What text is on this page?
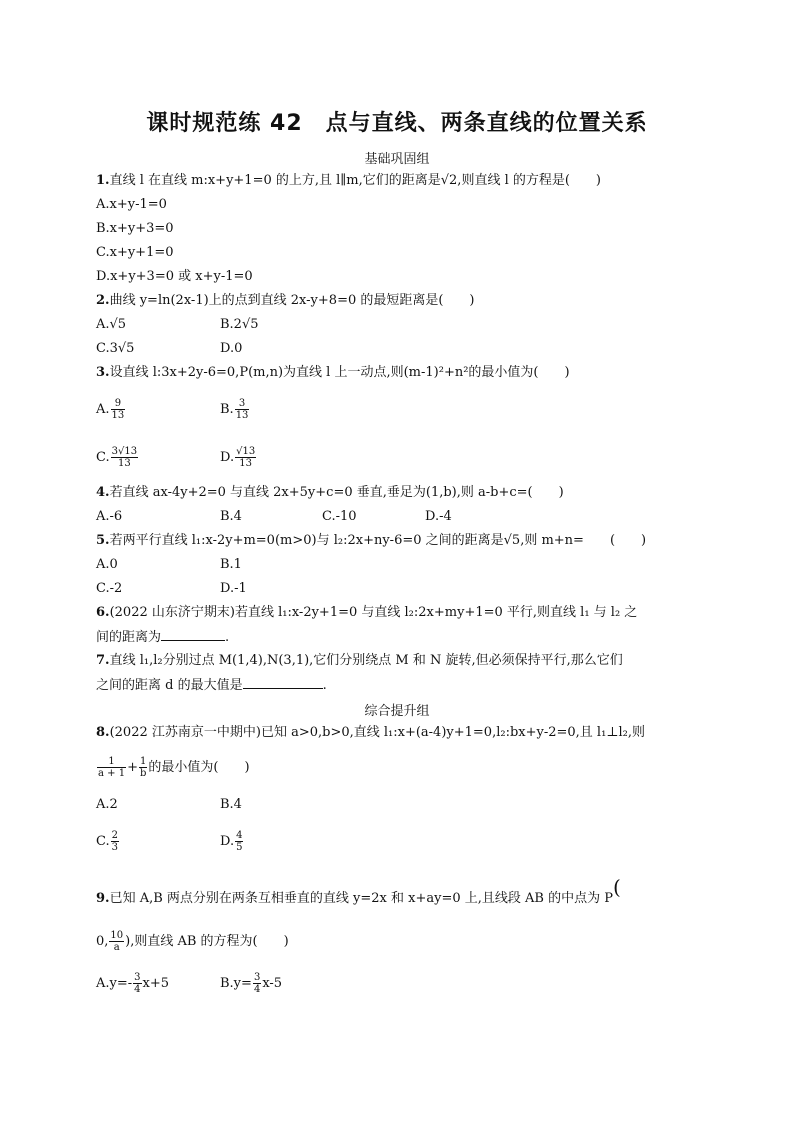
课时规范练 42　点与直线、两条直线的位置关系
基础巩固组
1.直线 l 在直线 m:x+y+1=0 的上方,且 l∥m,它们的距离是√2,则直线 l 的方程是(　　)
A.x+y-1=0
B.x+y+3=0
C.x+y+1=0
D.x+y+3=0 或 x+y-1=0
2.曲线 y=ln(2x-1)上的点到直线 2x-y+8=0 的最短距离是(　　)
A.√5	B.2√5
C.3√5	D.0
3.设直线 l:3x+2y-6=0,P(m,n)为直线 l 上一动点,则(m-1)²+n²的最小值为(　　)
A. $\frac{9}{13}$	B. $\frac{3}{13}$
C. $\frac{3√13}{13}$	D. $\frac{√13}{13}$
4.若直线 ax-4y+2=0 与直线 2x+5y+c=0 垂直,垂足为(1,b),则 a-b+c=(　　)
A.-6	B.4	C.-10	D.-4
5.若两平行直线 l₁:x-2y+m=0(m>0)与 l₂:2x+ny-6=0 之间的距离是√5,则 m+n=　　(　　)
A.0	B.1
C.-2	D.-1
6.(2022 山东济宁期末)若直线 l₁:x-2y+1=0 与直线 l₂:2x+my+1=0 平行,则直线 l₁ 与 l₂ 之
间的距离为	.
7.直线 l₁,l₂分别过点 M(1,4),N(3,1),它们分别绕点 M 和 N 旋转,但必须保持平行,那么它们
之间的距离 d 的最大值是	.
综合提升组
8.(2022 江苏南京一中期中)已知 a>0,b>0,直线 l₁:x+(a-4)y+1=0,l₂:bx+y-2=0,且 l₁⊥l₂,则
$\frac{1}{a + 1} + \frac{1}{b}$ 的最小值为(　　)
A.2	B.4
C. $\frac{2}{3}$	D. $\frac{4}{5}$
9.已知 A,B 两点分别在两条互相垂直的直线 y=2x 和 x+ay=0 上,且线段 AB 的中点为 P(
0, $\frac{10}{a}$ ),则直线 AB 的方程为(　　)
$A.y=- \frac{3}{4} x+5$	$B.y= \frac{3}{4} x-5$
